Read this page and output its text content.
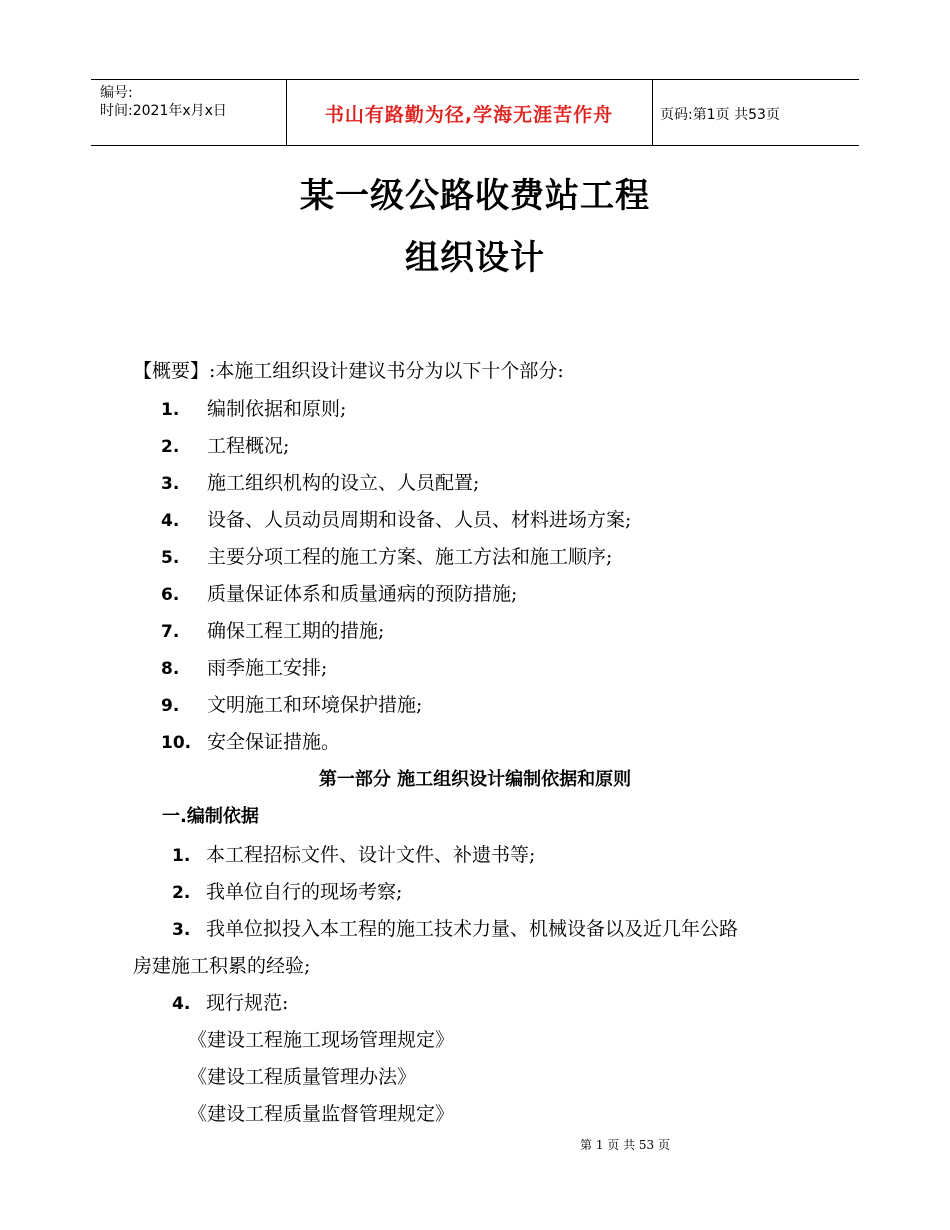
编号:
时间:2021年x月x日	书山有路勤为径,学海无涯苦作舟	页码:第1页 共53页
某一级公路收费站工程
组织设计
【概要】:本施工组织设计建议书分为以下十个部分:
1. 编制依据和原则;
2. 工程概况;
3. 施工组织机构的设立、人员配置;
4. 设备、人员动员周期和设备、人员、材料进场方案;
5. 主要分项工程的施工方案、施工方法和施工顺序;
6. 质量保证体系和质量通病的预防措施;
7. 确保工程工期的措施;
8. 雨季施工安排;
9. 文明施工和环境保护措施;
10. 安全保证措施。
第一部分 施工组织设计编制依据和原则
一.编制依据
1. 本工程招标文件、设计文件、补遗书等;
2. 我单位自行的现场考察;
3. 我单位拟投入本工程的施工技术力量、机械设备以及近几年公路
房建施工积累的经验;
4. 现行规范:
《建设工程施工现场管理规定》
《建设工程质量管理办法》
《建设工程质量监督管理规定》
第 1 页 共 53 页
